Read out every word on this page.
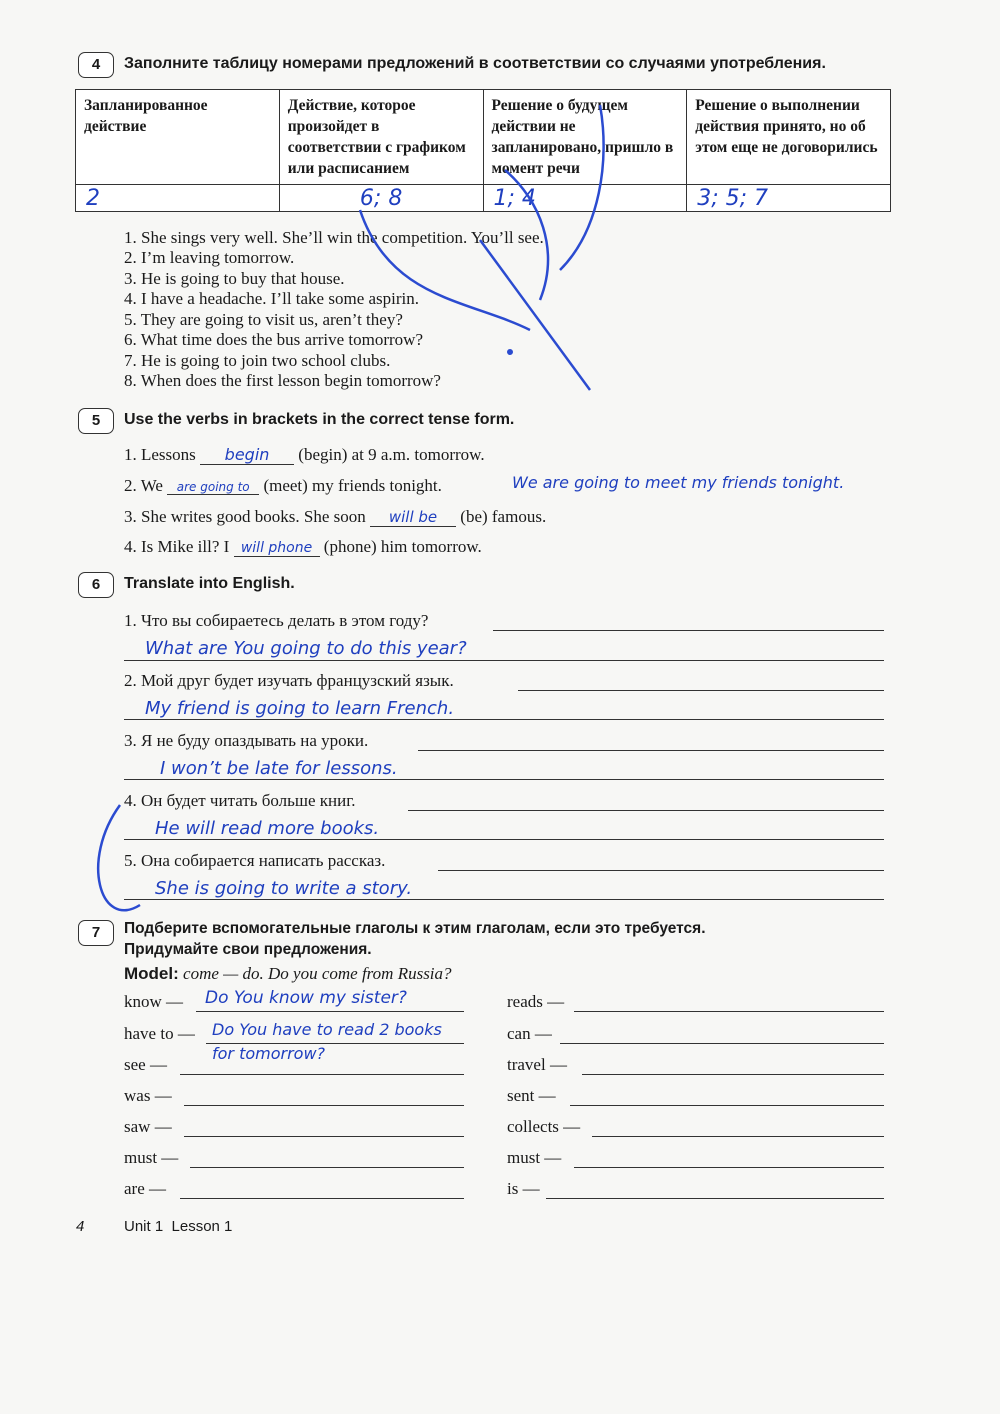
4	Заполните таблицу номерами предложений в соответствии со случаями употребления.
Запланированное действие	Действие, которое произойдет в соответствии с графиком или расписанием	Решение о будущем действии не запланировано, пришло в момент речи	Решение о выполнении действия принято, но об этом еще не договорились
2	6; 8	1; 4	3; 5; 7
1. She sings very well. She’ll win the competition. You’ll see.
2. I’m leaving tomorrow.
3. He is going to buy that house.
4. I have a headache. I’ll take some aspirin.
5. They are going to visit us, aren’t they?
6. What time does the bus arrive tomorrow?
7. He is going to join two school clubs.
8. When does the first lesson begin tomorrow?
5	Use the verbs in brackets in the correct tense form.
1. Lessons begin (begin) at 9 a.m. tomorrow.
2. We are going to (meet) my friends tonight.	We are going to meet my friends tonight.
3. She writes good books. She soon will be (be) famous.
4. Is Mike ill? I will phone (phone) him tomorrow.
6	Translate into English.
1. Что вы собираетесь делать в этом году?
What are You going to do this year?
2. Мой друг будет изучать французский язык.
My friend is going to learn French.
3. Я не буду опаздывать на уроки.
I won’t be late for lessons.
4. Он будет читать больше книг.
He will read more books.
5. Она собирается написать рассказ.
She is going to write a story.
7	Подберите вспомогательные глаголы к этим глаголам, если это требуется.
Придумайте свои предложения.
Model: come — do. Do you come from Russia?
know — Do You know my sister?
have to — Do You have to read 2 books
for tomorrow?
see —
was —
saw —
must —
are —
reads —
can —
travel —
sent —
collects —
must —
is —
4	Unit 1  Lesson 1
